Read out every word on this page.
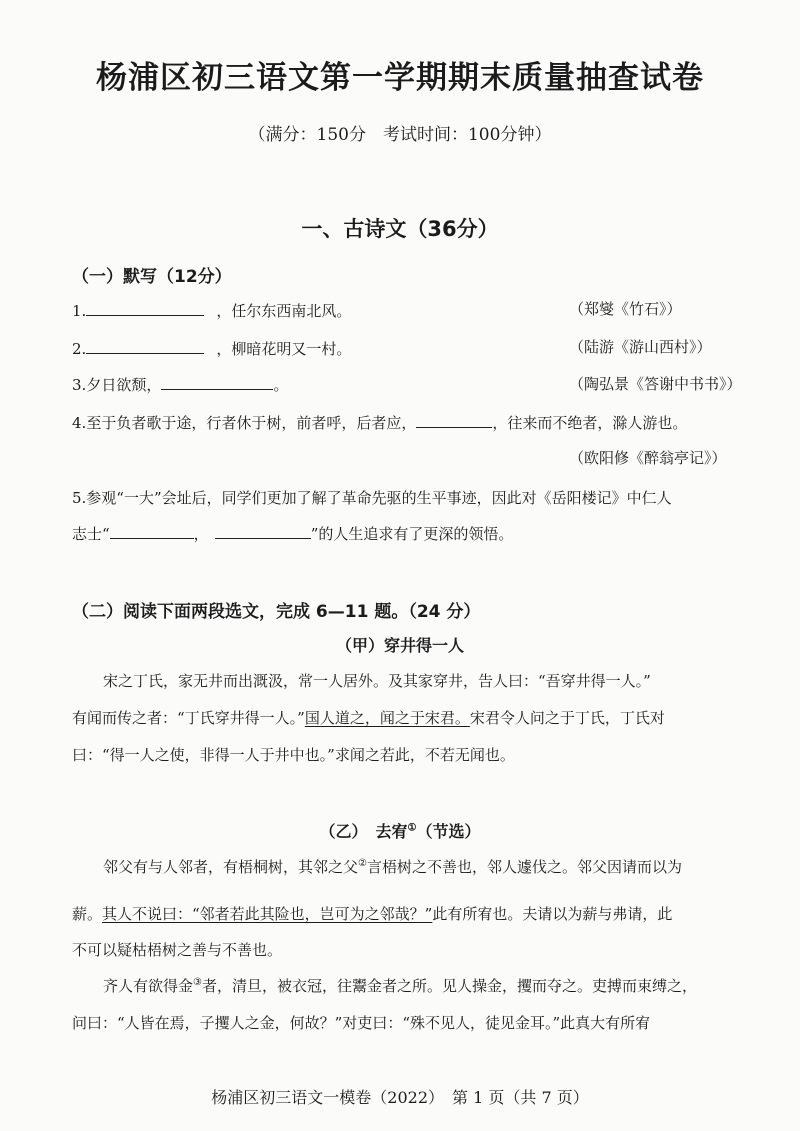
杨浦区初三语文第一学期期末质量抽查试卷
（满分：150分　考试时间：100分钟）
一、古诗文（36分）
（一）默写（12分）
1.	，任尔东西南北风。	（郑燮《竹石》）
2.	，柳暗花明又一村。	（陆游《游山西村》）
3.夕日欲颓，	。	（陶弘景《答谢中书书》）
4.至于负者歌于途，行者休于树，前者呼，后者应，	，往来而不绝者，滁人游也。
（欧阳修《醉翁亭记》）
5.参观“一大”会址后，同学们更加了解了革命先驱的生平事迹，因此对《岳阳楼记》中仁人
志士“	，	”的人生追求有了更深的领悟。
（二）阅读下面两段选文，完成 6—11 题。（24 分）
（甲）穿井得一人
宋之丁氏，家无井而出溉汲，常一人居外。及其家穿井，告人曰：“吾穿井得一人。”
有闻而传之者：“丁氏穿井得一人。”国人道之，闻之于宋君。宋君令人问之于丁氏，丁氏对
曰：“得一人之使，非得一人于井中也。”求闻之若此，不若无闻也。
（乙）　去宥①（节选）
邻父有与人邻者，有梧桐树，其邻之父②言梧树之不善也，邻人遽伐之。邻父因请而以为
薪。其人不说曰：“邻者若此其险也，岂可为之邻哉？”此有所宥也。夫请以为薪与弗请，此
不可以疑枯梧树之善与不善也。
齐人有欲得金③者，清旦，被衣冠，往鬻金者之所。见人操金，攫而夺之。吏搏而束缚之，
问曰：“人皆在焉，子攫人之金，何故？”对吏曰：“殊不见人，徒见金耳。”此真大有所宥
杨浦区初三语文一模卷（2022）　第 1 页（共 7 页）
